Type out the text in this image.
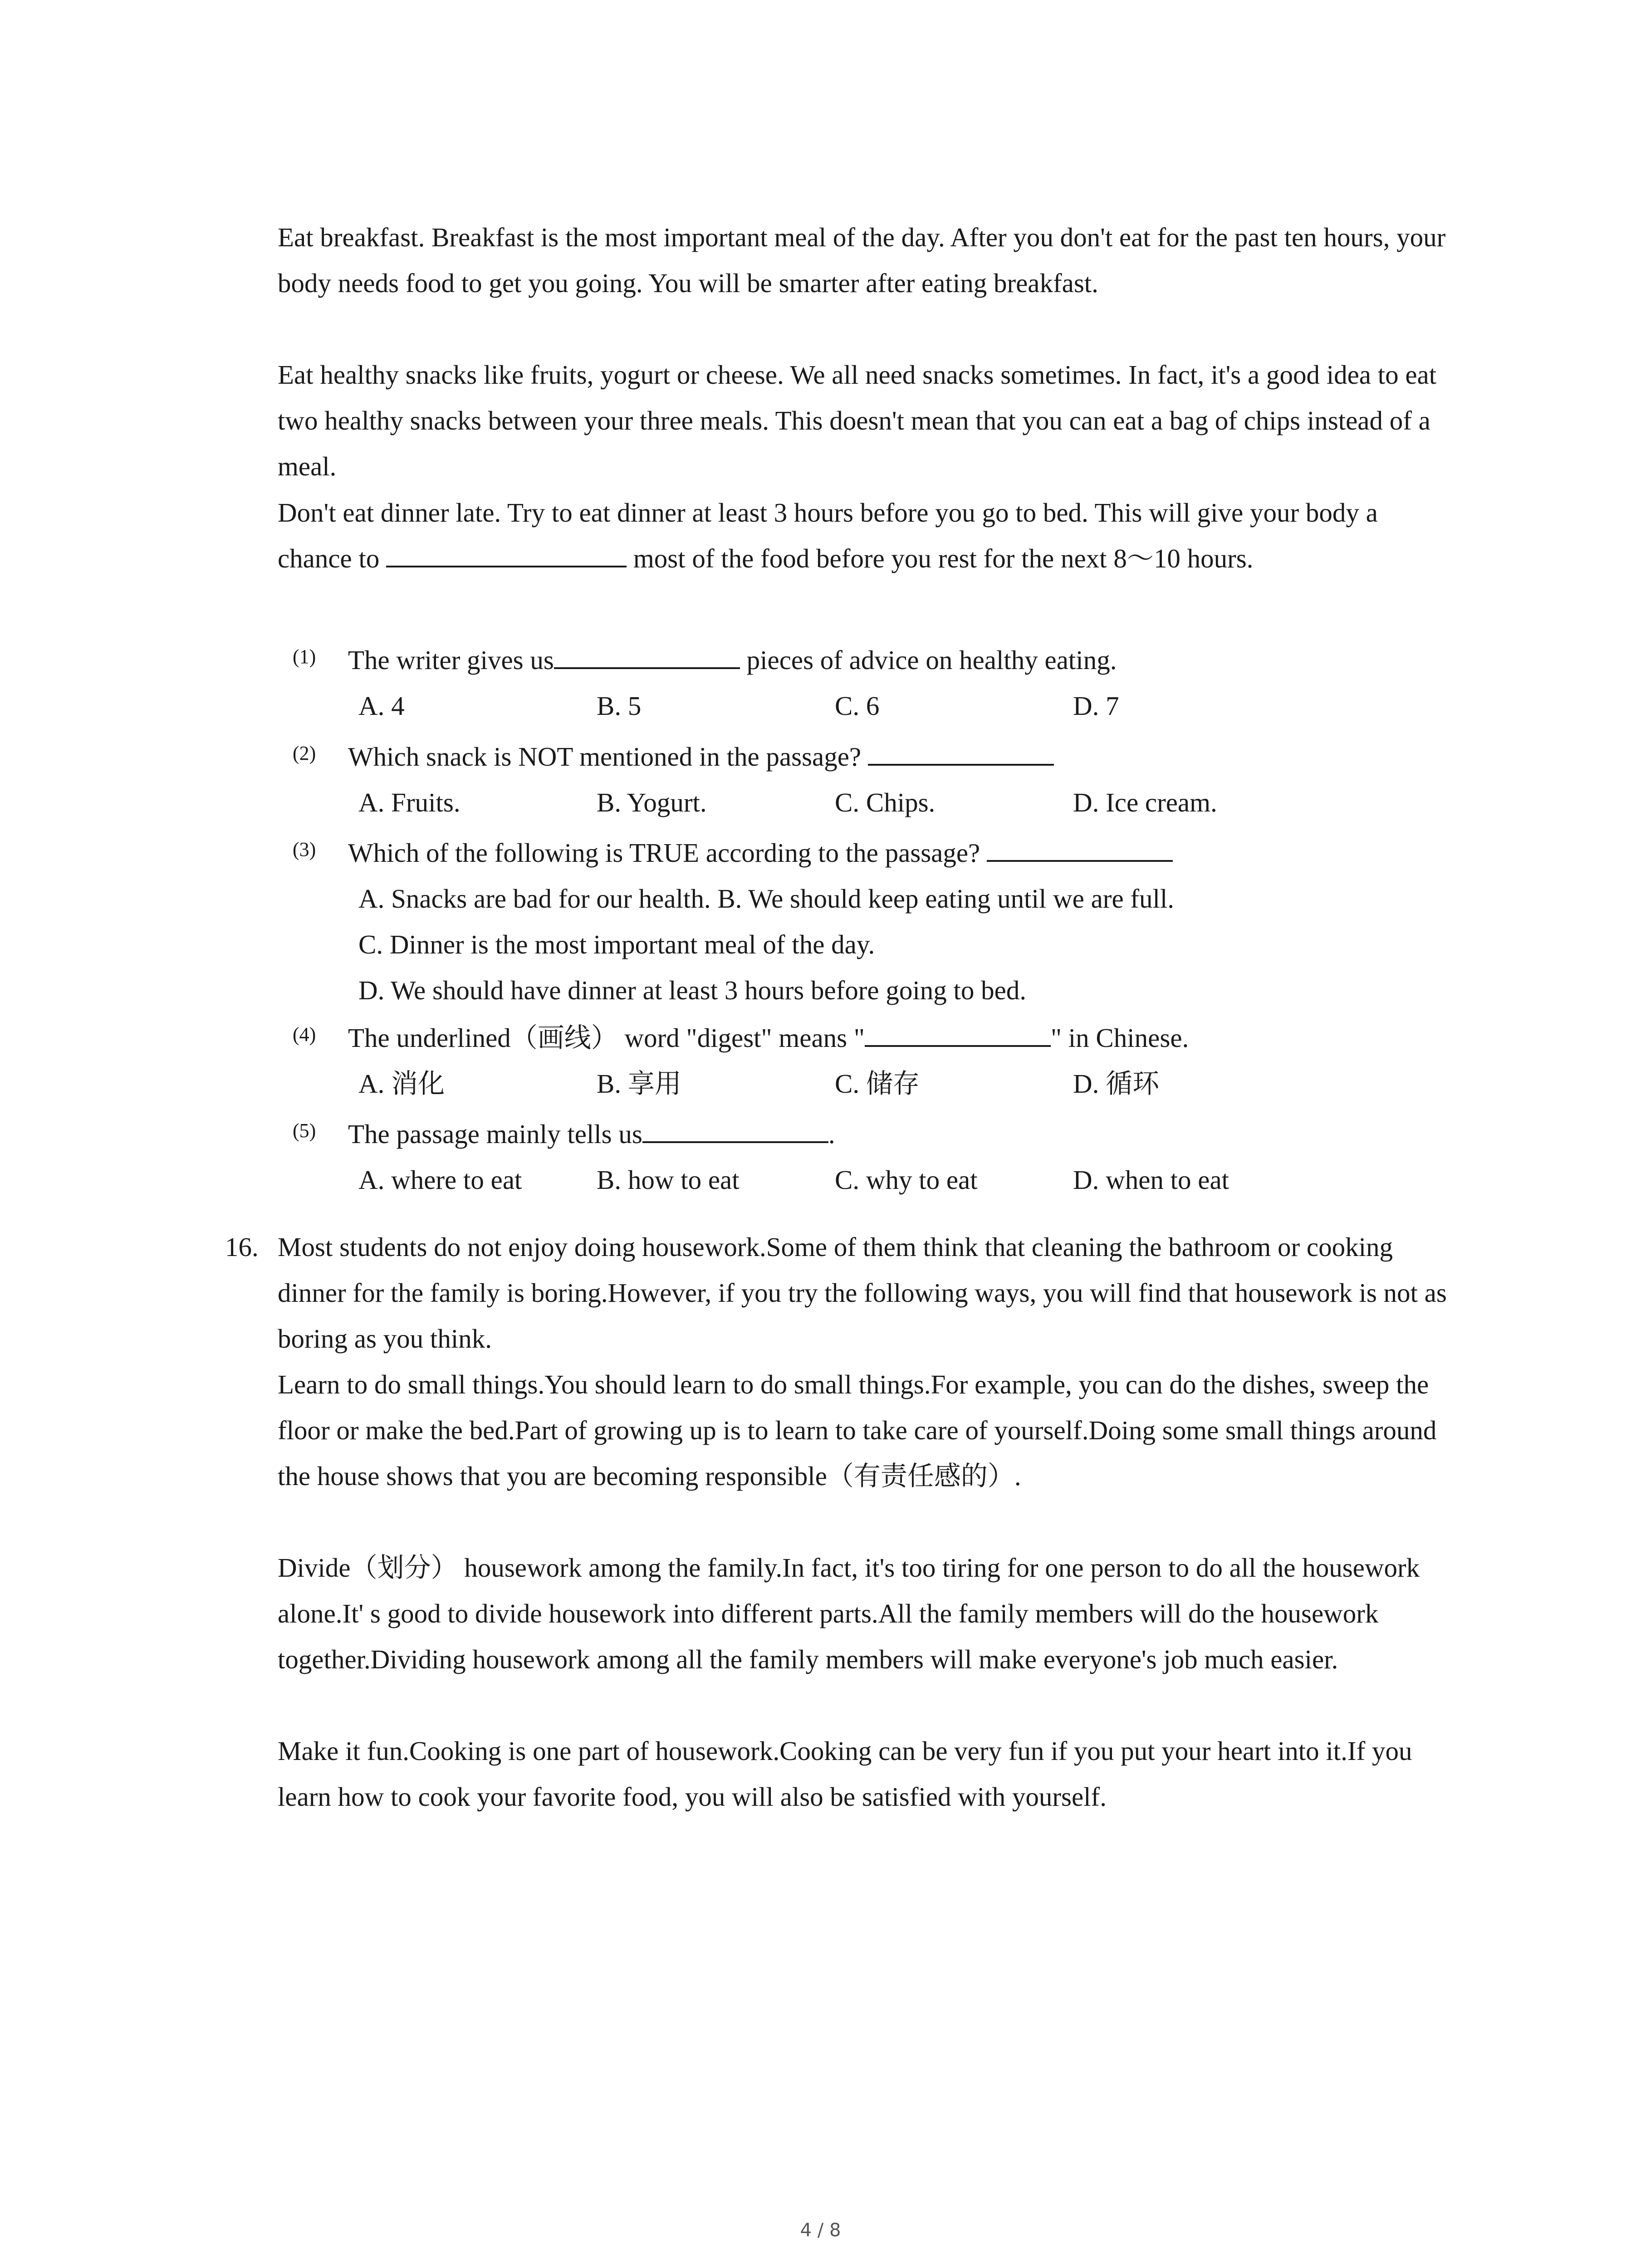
Eat breakfast. Breakfast is the most important meal of the day. After you don't eat for the past ten hours, your body needs food to get you going. You will be smarter after eating breakfast.

Eat healthy snacks like fruits, yogurt or cheese. We all need snacks sometimes. In fact, it's a good idea to eat two healthy snacks between your three meals. This doesn't mean that you can eat a bag of chips instead of a meal.

Don't eat dinner late. Try to eat dinner at least 3 hours before you go to bed. This will give your body a chance to	most of the food before you rest for the next 8～10 hours.

(1) The writer gives us	pieces of advice on healthy eating.
A. 4	B. 5	C. 6	D. 7
(2) Which snack is NOT mentioned in the passage?
A. Fruits.	B. Yogurt.	C. Chips.	D. Ice cream.
(3) Which of the following is TRUE according to the passage?
A. Snacks are bad for our health. B. We should keep eating until we are full.
C. Dinner is the most important meal of the day.
D. We should have dinner at least 3 hours before going to bed.
(4) The underlined（画线） word "digest" means "	" in Chinese.
A. 消化	B. 享用	C. 储存	D. 循环
(5) The passage mainly tells us	.
A. where to eat	B. how to eat	C. why to eat	D. when to eat
16. Most students do not enjoy doing housework.Some of them think that cleaning the bathroom or cooking dinner for the family is boring.However, if you try the following ways, you will find that housework is not as boring as you think.

Learn to do small things.You should learn to do small things.For example, you can do the dishes, sweep the floor or make the bed.Part of growing up is to learn to take care of yourself.Doing some small things around the house shows that you are becoming responsible（有责任感的）.

Divide（划分） housework among the family.In fact, it's too tiring for one person to do all the housework alone.It' s good to divide housework into different parts.All the family members will do the housework together.Dividing housework among all the family members will make everyone's job much easier.

Make it fun.Cooking is one part of housework.Cooking can be very fun if you put your heart into it.If you learn how to cook your favorite food, you will also be satisfied with yourself.

4 / 8
